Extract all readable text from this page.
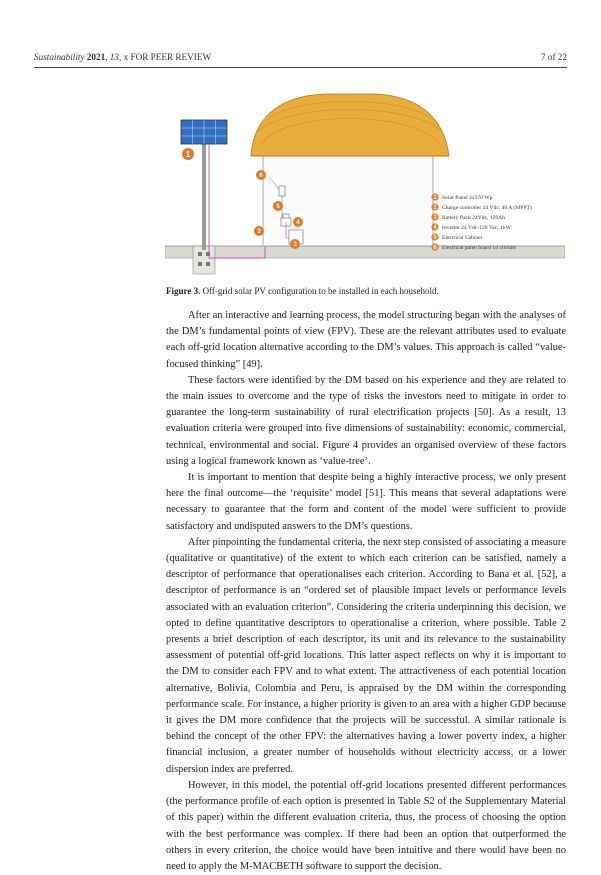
Sustainability 2021, 13, x FOR PEER REVIEW	7 of 22
1
6
5
4
2
3
1 Solar Panel 2x370 Wp
2 Charge controller 24 Vdc, 40 A (MPPT)
3 Battery Pack 24Vdc, 120Ah
4 Inverter 24 Vdc-120 Vac, 1kW
5 Electrical Cabinet
6 Electrical panel board x4 circuits
Figure 3. Off-grid solar PV configuration to be installed in each household.

After an interactive and learning process, the model structuring began with the analyses of the DM’s fundamental points of view (FPV). These are the relevant attributes used to evaluate each off-grid location alternative according to the DM’s values. This approach is called “value-focused thinking” [49].

These factors were identified by the DM based on his experience and they are related to the main issues to overcome and the type of risks the investors need to mitigate in order to guarantee the long-term sustainability of rural electrification projects [50]. As a result, 13 evaluation criteria were grouped into five dimensions of sustainability: economic, commercial, technical, environmental and social. Figure 4 provides an organised overview of these factors using a logical framework known as ‘value-tree’.

It is important to mention that despite being a highly interactive process, we only present here the final outcome—the ‘requisite’ model [51]. This means that several adaptations were necessary to guarantee that the form and content of the model were sufficient to provide satisfactory and undisputed answers to the DM’s questions.

After pinpointing the fundamental criteria, the next step consisted of associating a measure (qualitative or quantitative) of the extent to which each criterion can be satisfied, namely a descriptor of performance that operationalises each criterion. According to Bana et al. [52], a descriptor of performance is an “ordered set of plausible impact levels or performance levels associated with an evaluation criterion”. Considering the criteria underpinning this decision, we opted to define quantitative descriptors to operationalise a criterion, where possible. Table 2 presents a brief description of each descriptor, its unit and its relevance to the sustainability assessment of potential off-grid locations. This latter aspect reflects on why it is important to the DM to consider each FPV and to what extent. The attractiveness of each potential location alternative, Bolivia, Colombia and Peru, is appraised by the DM within the corresponding performance scale. For instance, a higher priority is given to an area with a higher GDP because it gives the DM more confidence that the projects will be successful. A similar rationale is behind the concept of the other FPV: the alternatives having a lower poverty index, a higher financial inclusion, a greater number of households without electricity access, or a lower dispersion index are preferred.

However, in this model, the potential off-grid locations presented different performances (the performance profile of each option is presented in Table S2 of the Supplementary Material of this paper) within the different evaluation criteria, thus, the process of choosing the option with the best performance was complex. If there had been an option that outperformed the others in every criterion, the choice would have been intuitive and there would have been no need to apply the M-MACBETH software to support the decision.
